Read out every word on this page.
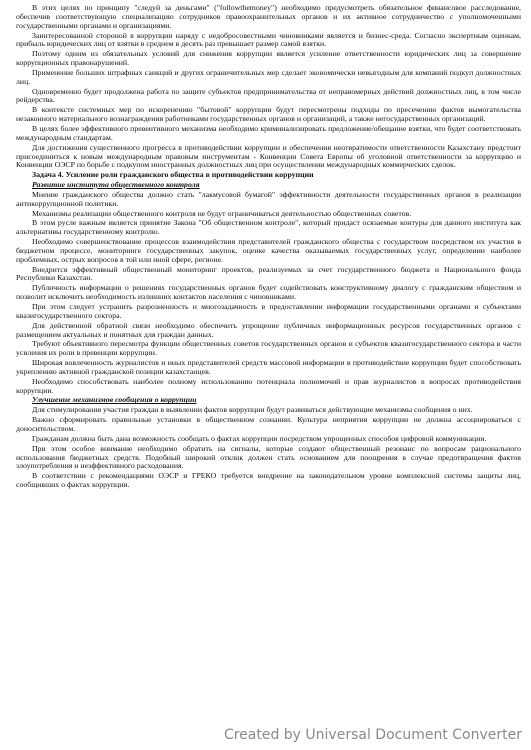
В этих целях по принципу "следуй за деньгами" ("followthemoney") необходимо предусмотреть обязательное финансовое расследование, обеспечив соответствующую специализацию сотрудников правоохранительных органов и их активное сотрудничество с уполномоченными государственными органами и организациями.

Заинтересованной стороной в коррупции наряду с недобросовестными чиновниками является и бизнес-среда. Согласно экспертным оценкам, прибыль юридических лиц от взятки в среднем в десять раз превышает размер самой взятки.

Поэтому одним из обязательных условий для снижения коррупции является усиление ответственности юридических лиц за совершение коррупционных правонарушений.

Применение больших штрафных санкций и других ограничительных мер сделает экономически невыгодным для компаний подкуп должностных лиц.

Одновременно будет продолжена работа по защите субъектов предпринимательства от неправомерных действий должностных лиц, в том числе рейдерства.

В контексте системных мер по искоренению "бытовой" коррупции будут пересмотрены подходы по пресечению фактов вымогательства незаконного материального вознаграждения работниками государственных органов и организаций, а также негосударственных организаций.

В целях более эффективного превентивного механизма необходимо криминализировать предложение/обещание взятки, что будет соответствовать международным стандартам.

Для достижения существенного прогресса в противодействии коррупции и обеспечения неотвратимости ответственности Казахстану предстоит присоединиться к новым международным правовым инструментам - Конвенции Совета Европы об уголовной ответственности за коррупцию и Конвенции ОЭСР по борьбе с подкупом иностранных должностных лиц при осуществлении международных коммерческих сделок.

Задача 4. Усиление роли гражданского общества в противодействии коррупции

Развитие института общественного контроля

Мнение гражданского общества должно стать "лакмусовой бумагой" эффективности деятельности государственных органов в реализации антикоррупционной политики.

Механизмы реализации общественного контроля не будут ограничиваться деятельностью общественных советов.

В этом русле важным является принятие Закона "Об общественном контроле", который придаст осязаемые контуры для данного института как альтернативы государственному контролю.

Необходимо совершенствование процессов взаимодействия представителей гражданского общества с государством посредством их участия в бюджетном процессе, мониторинге государственных закупок, оценке качества оказываемых государственных услуг, определении наиболее проблемных, острых вопросов в той или иной сфере, регионе.

Внедрится эффективный общественный мониторинг проектов, реализуемых за счет государственного бюджета и Национального фонда Республики Казахстан.

Публичность информации о решениях государственных органов будет содействовать конструктивному диалогу с гражданским обществом и позволит исключить необходимость излишних контактов населения с чиновниками.

При этом следует устранить разрозненность и многозадачность в предоставлении информации государственными органами и субъектами квазигосударственного сектора.

Для действенной обратной связи необходимо обеспечить упрощение публичных информационных ресурсов государственных органов с размещением актуальных и понятных для граждан данных.

Требуют объективного пересмотра функции общественных советов государственных органов и субъектов квазигосударственного сектора в части усиления их роли в превенции коррупции.

Широкая вовлеченность журналистов и иных представителей средств массовой информации в противодействие коррупции будет способствовать укреплению активной гражданской позиции казахстанцев.

Необходимо способствовать наиболее полному использованию потенциала полномочий и прав журналистов в вопросах противодействия коррупции.

Улучшение механизмов сообщения о коррупции

Для стимулирования участия граждан в выявлении фактов коррупции будут развиваться действующие механизмы сообщения о них.

Важно сформировать правильные установки в общественном сознании. Культура неприятия коррупции не должна ассоциироваться с доносительством.

Гражданам должна быть дана возможность сообщать о фактах коррупции посредством упрощенных способов цифровой коммуникации.

При этом особое внимание необходимо обратить на сигналы, которые создают общественный резонанс по вопросам рационального использования бюджетных средств. Подобный широкий отклик должен стать основанием для поощрения в случае предотвращения фактов злоупотребления и неэффективного расходования.

В соответствии с рекомендациями ОЭСР и ГРЕКО требуется внедрение на законодательном уровне комплексной системы защиты лиц, сообщивших о фактах коррупции.

Created by Universal Document Converter
